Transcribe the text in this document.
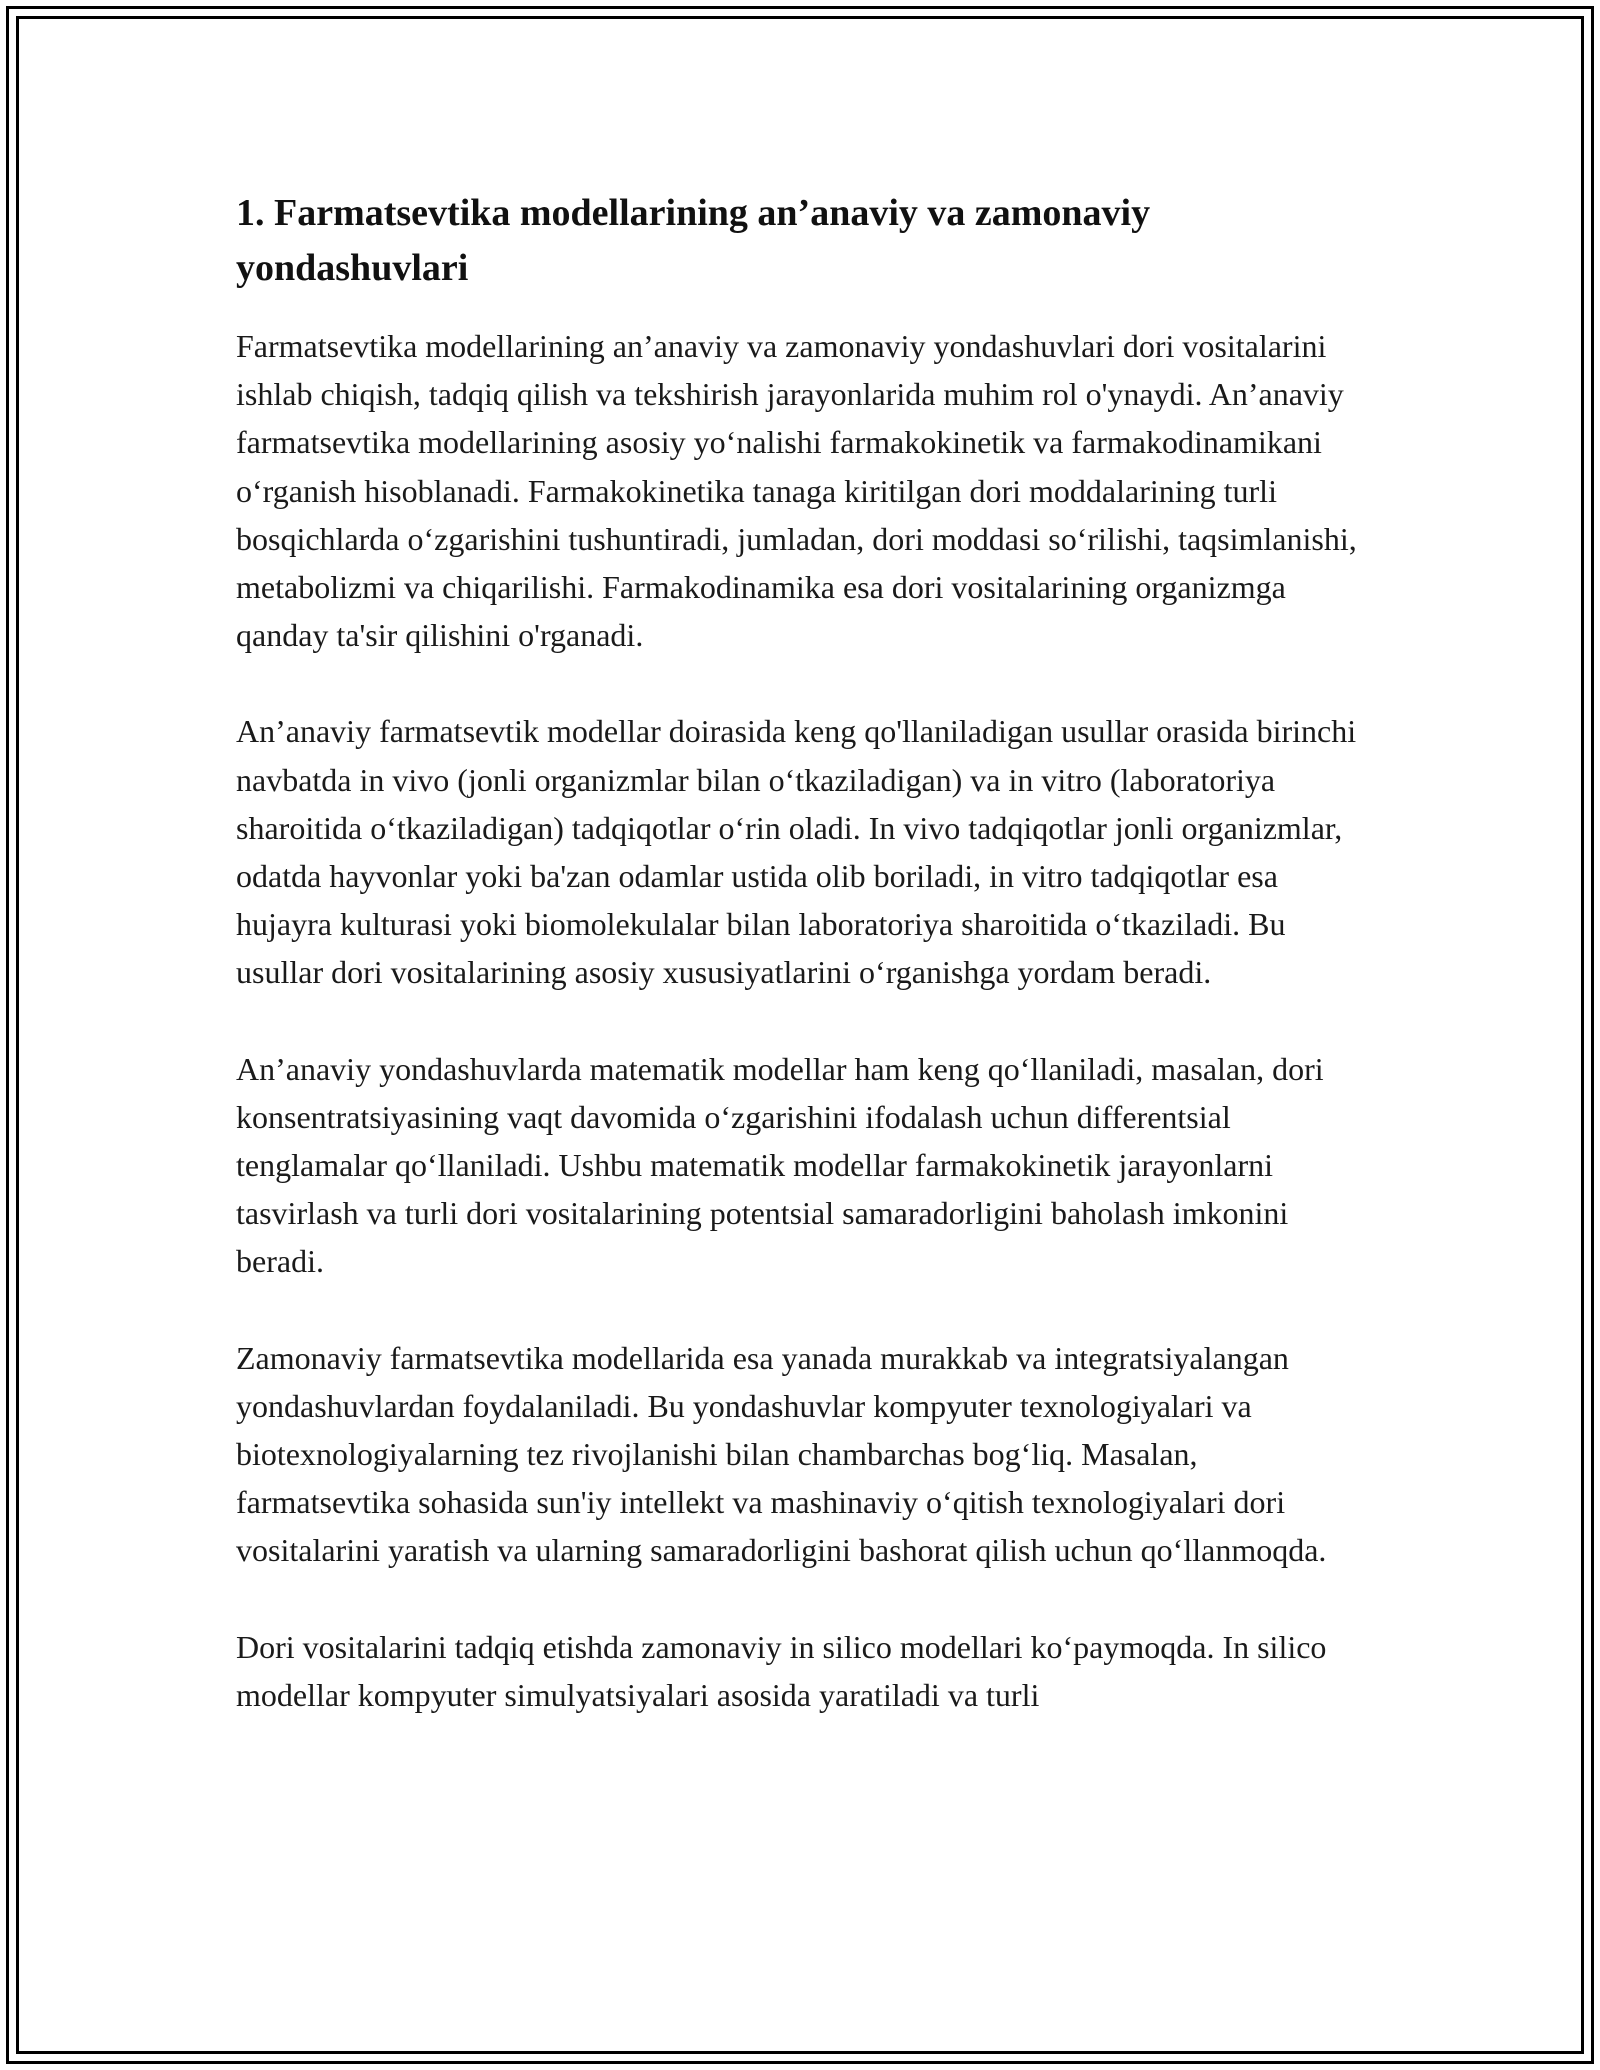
1. Farmatsevtika modellarining an’anaviy va zamonaviy yondashuvlari

Farmatsevtika modellarining an’anaviy va zamonaviy yondashuvlari dori vositalarini ishlab chiqish, tadqiq qilish va tekshirish jarayonlarida muhim rol o'ynaydi. An’anaviy farmatsevtika modellarining asosiy yo‘nalishi farmakokinetik va farmakodinamikani o‘rganish hisoblanadi. Farmakokinetika tanaga kiritilgan dori moddalarining turli bosqichlarda o‘zgarishini tushuntiradi, jumladan, dori moddasi so‘rilishi, taqsimlanishi, metabolizmi va chiqarilishi. Farmakodinamika esa dori vositalarining organizmga qanday ta'sir qilishini o'rganadi.

An’anaviy farmatsevtik modellar doirasida keng qo'llaniladigan usullar orasida birinchi navbatda in vivo (jonli organizmlar bilan o‘tkaziladigan) va in vitro (laboratoriya sharoitida o‘tkaziladigan) tadqiqotlar o‘rin oladi. In vivo tadqiqotlar jonli organizmlar, odatda hayvonlar yoki ba'zan odamlar ustida olib boriladi, in vitro tadqiqotlar esa hujayra kulturasi yoki biomolekulalar bilan laboratoriya sharoitida o‘tkaziladi. Bu usullar dori vositalarining asosiy xususiyatlarini o‘rganishga yordam beradi.

An’anaviy yondashuvlarda matematik modellar ham keng qo‘llaniladi, masalan, dori konsentratsiyasining vaqt davomida o‘zgarishini ifodalash uchun differentsial tenglamalar qo‘llaniladi. Ushbu matematik modellar farmakokinetik jarayonlarni tasvirlash va turli dori vositalarining potentsial samaradorligini baholash imkonini beradi.

Zamonaviy farmatsevtika modellarida esa yanada murakkab va integratsiyalangan yondashuvlardan foydalaniladi. Bu yondashuvlar kompyuter texnologiyalari va biotexnologiyalarning tez rivojlanishi bilan chambarchas bog‘liq. Masalan, farmatsevtika sohasida sun'iy intellekt va mashinaviy o‘qitish texnologiyalari dori vositalarini yaratish va ularning samaradorligini bashorat qilish uchun qo‘llanmoqda.

Dori vositalarini tadqiq etishda zamonaviy in silico modellari ko‘paymoqda. In silico modellar kompyuter simulyatsiyalari asosida yaratiladi va turli
